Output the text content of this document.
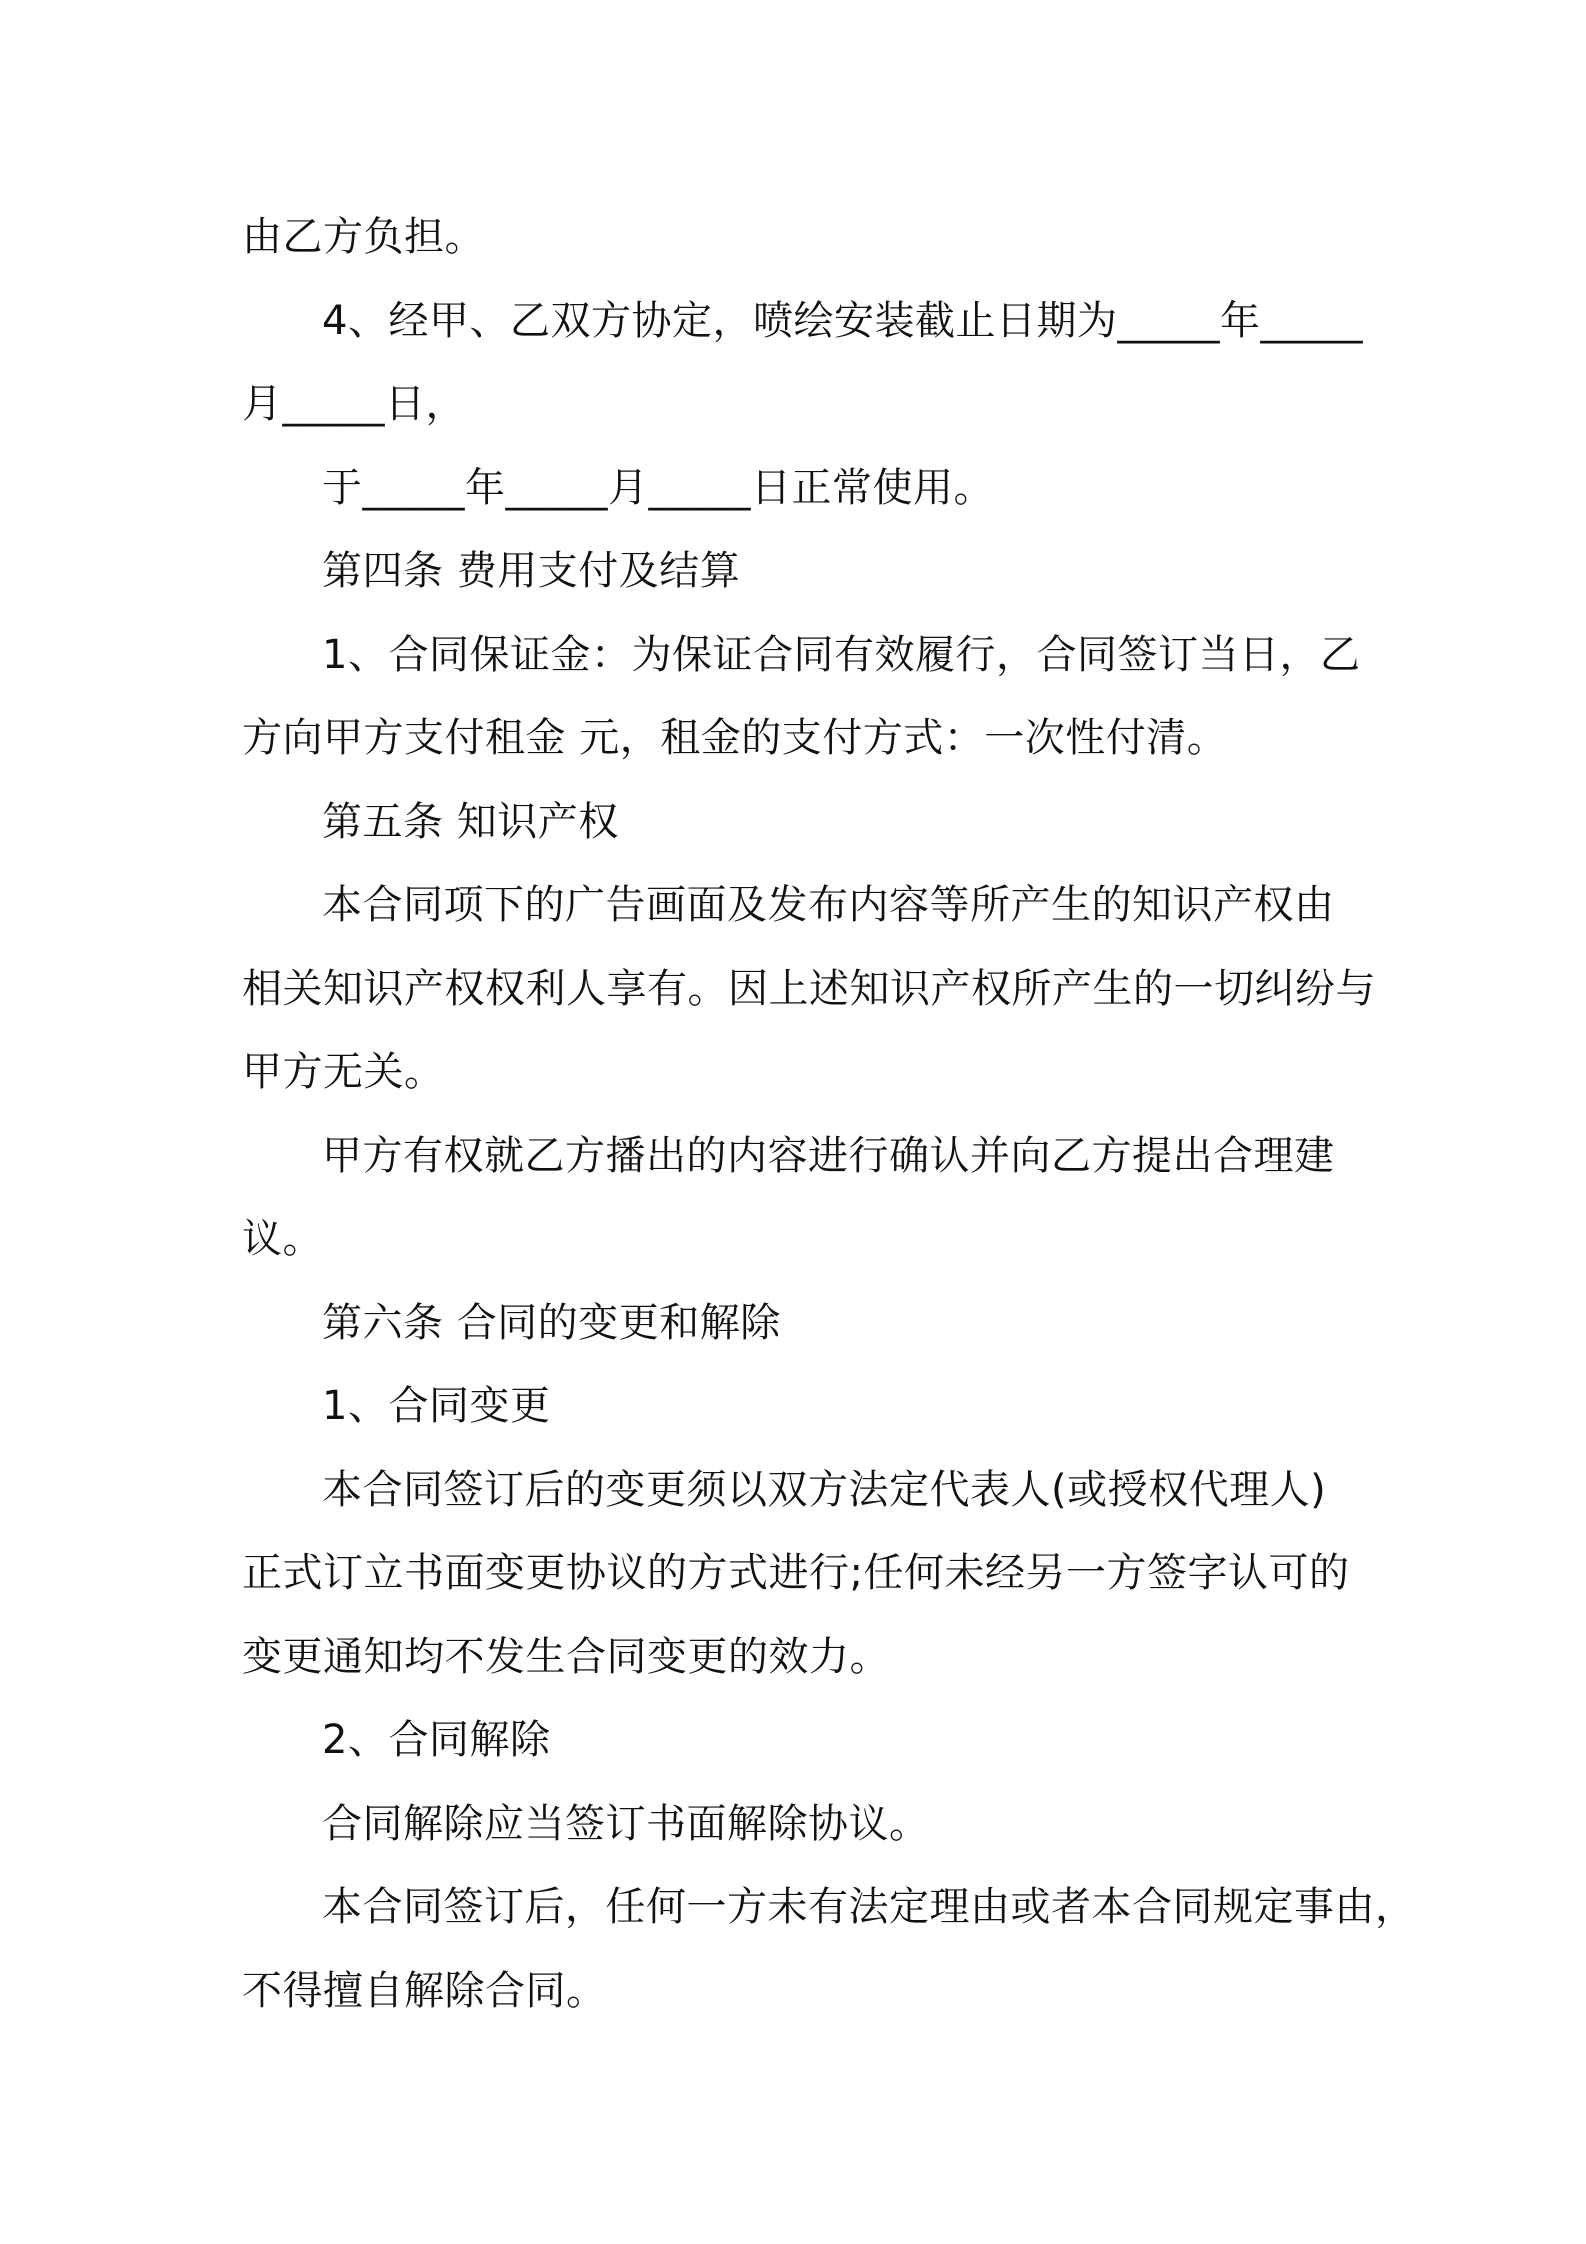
由乙方负担。
4、经甲、乙双方协定，喷绘安装截止日期为_____年_____
月_____日，
于_____年_____月_____日正常使用。
第四条 费用支付及结算
1、合同保证金：为保证合同有效履行，合同签订当日，乙
方向甲方支付租金 元，租金的支付方式：一次性付清。
第五条 知识产权
本合同项下的广告画面及发布内容等所产生的知识产权由
相关知识产权权利人享有。因上述知识产权所产生的一切纠纷与
甲方无关。
甲方有权就乙方播出的内容进行确认并向乙方提出合理建
议。
第六条 合同的变更和解除
1、合同变更
本合同签订后的变更须以双方法定代表人(或授权代理人)
正式订立书面变更协议的方式进行;任何未经另一方签字认可的
变更通知均不发生合同变更的效力。
2、合同解除
合同解除应当签订书面解除协议。
本合同签订后，任何一方未有法定理由或者本合同规定事由，
不得擅自解除合同。
